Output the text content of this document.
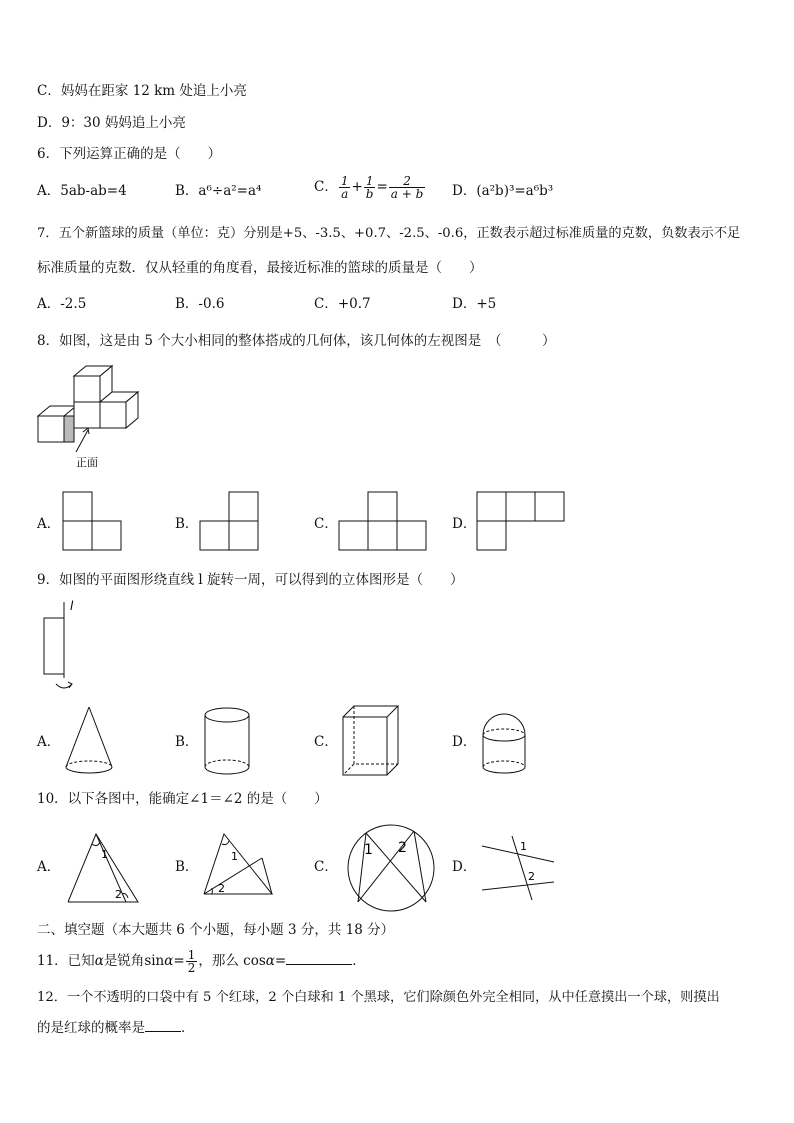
C．妈妈在距家 12 km 处追上小亮
D．9：30 妈妈追上小亮
6．下列运算正确的是（　　）
A．5ab-ab=4	B．a⁶÷a²=a⁴	C． $\frac{1}{a} + \frac{1}{b} = \frac{2}{a + b}$ D．(a²b)³=a⁶b³
7．五个新篮球的质量（单位：克）分别是+5、-3.5、+0.7、-2.5、-0.6，正数表示超过标准质量的克数，负数表示不足
标准质量的克数．仅从轻重的角度看，最接近标准的篮球的质量是（　　）
A．-2.5	B．-0.6	C．+0.7	D．+5
8．如图，这是由 5 个大小相同的整体搭成的几何体，该几何体的左视图是　（　　　）
正面
A．	B．	C．	D．
9．如图的平面图形绕直线 l 旋转一周，可以得到的立体图形是（　　）
l
A．	B．	C．	D．
10．以下各图中，能确定∠1＝∠2 的是（　　）
A．
1
2
B．
1
2
C．
1 2
D．
1
2
二、填空题（本大题共 6 个小题，每小题 3 分，共 18 分）
11．已知α是锐角$\sin\alpha= \frac{1}{2}$ ，那么 cosα=	．
12．一个不透明的口袋中有 5 个红球，2 个白球和 1 个黑球，它们除颜色外完全相同，从中任意摸出一个球，则摸出
的是红球的概率是	．
